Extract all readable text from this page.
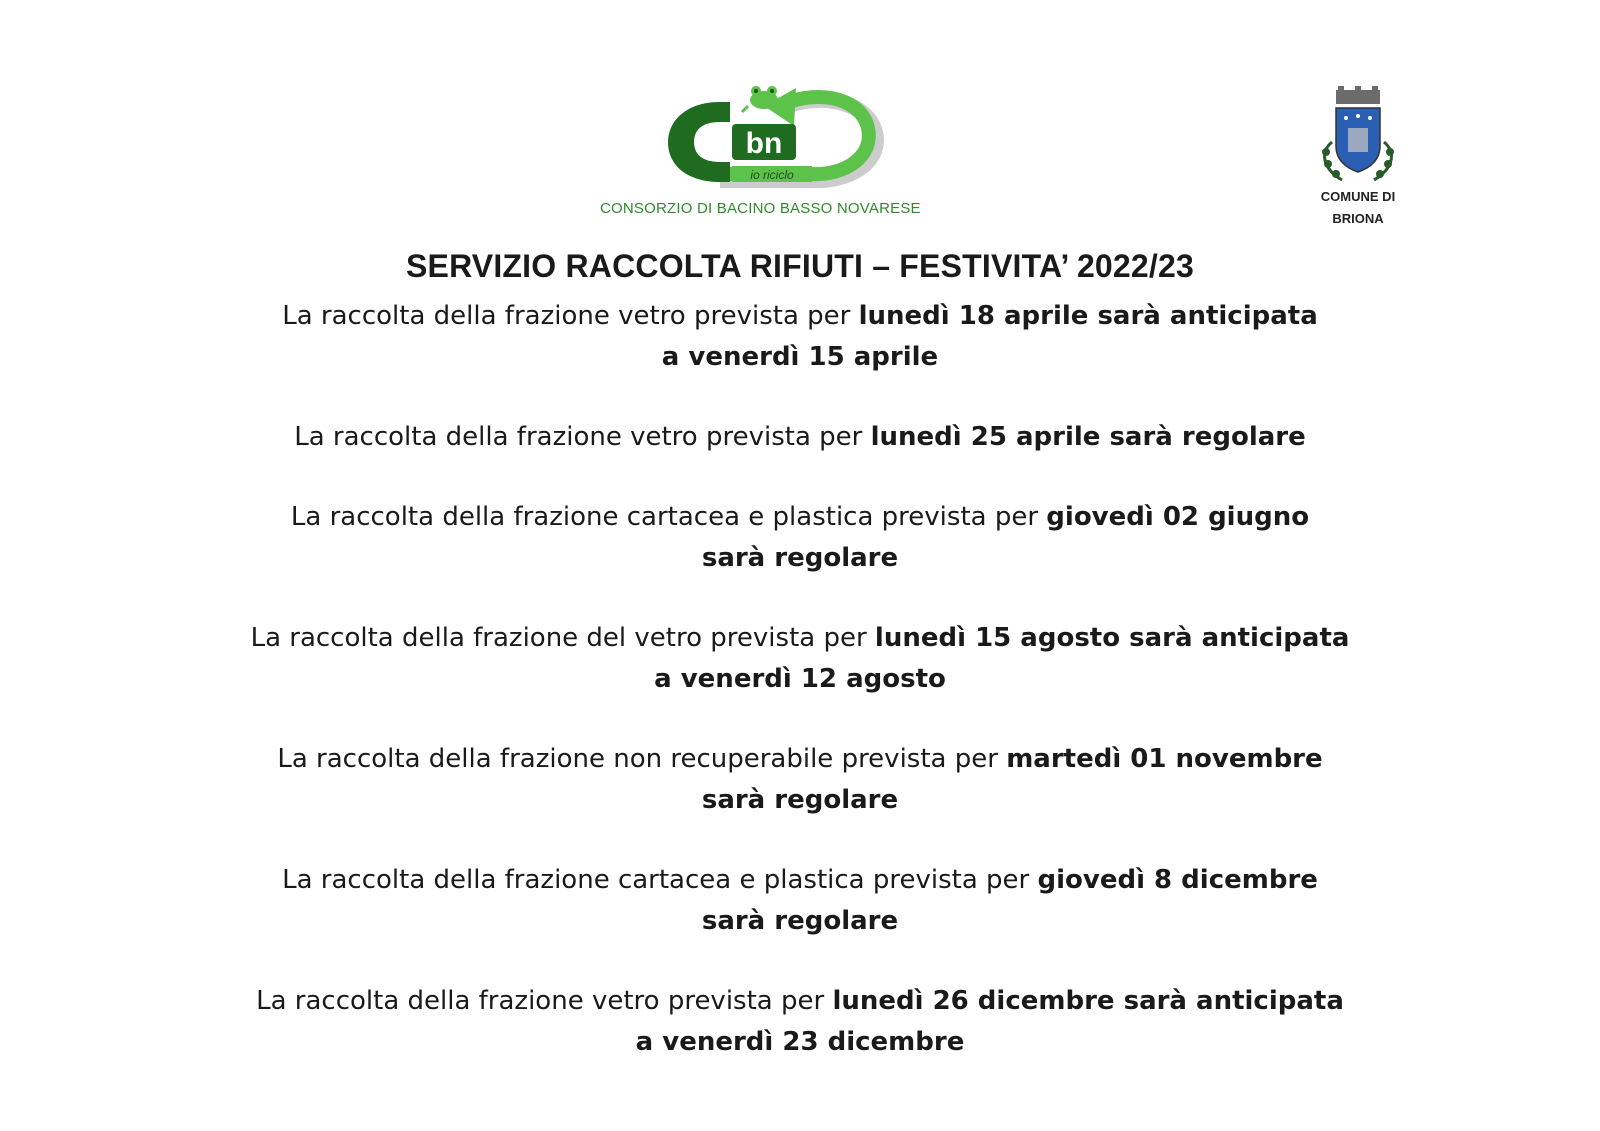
bn
io riciclo
CONSORZIO DI BACINO BASSO NOVARESE
COMUNE DI
BRIONA
SERVIZIO RACCOLTA RIFIUTI – FESTIVITA’ 2022/23

La raccolta della frazione vetro prevista per lunedì 18 aprile sarà anticipata
a venerdì 15 aprile

La raccolta della frazione vetro prevista per lunedì 25 aprile sarà regolare

La raccolta della frazione cartacea e plastica prevista per giovedì 02 giugno
sarà regolare

La raccolta della frazione del vetro prevista per lunedì 15 agosto sarà anticipata
a venerdì 12 agosto

La raccolta della frazione non recuperabile prevista per martedì 01 novembre
sarà regolare

La raccolta della frazione cartacea e plastica prevista per giovedì 8 dicembre
sarà regolare

La raccolta della frazione vetro prevista per lunedì 26 dicembre sarà anticipata
a venerdì 23 dicembre
